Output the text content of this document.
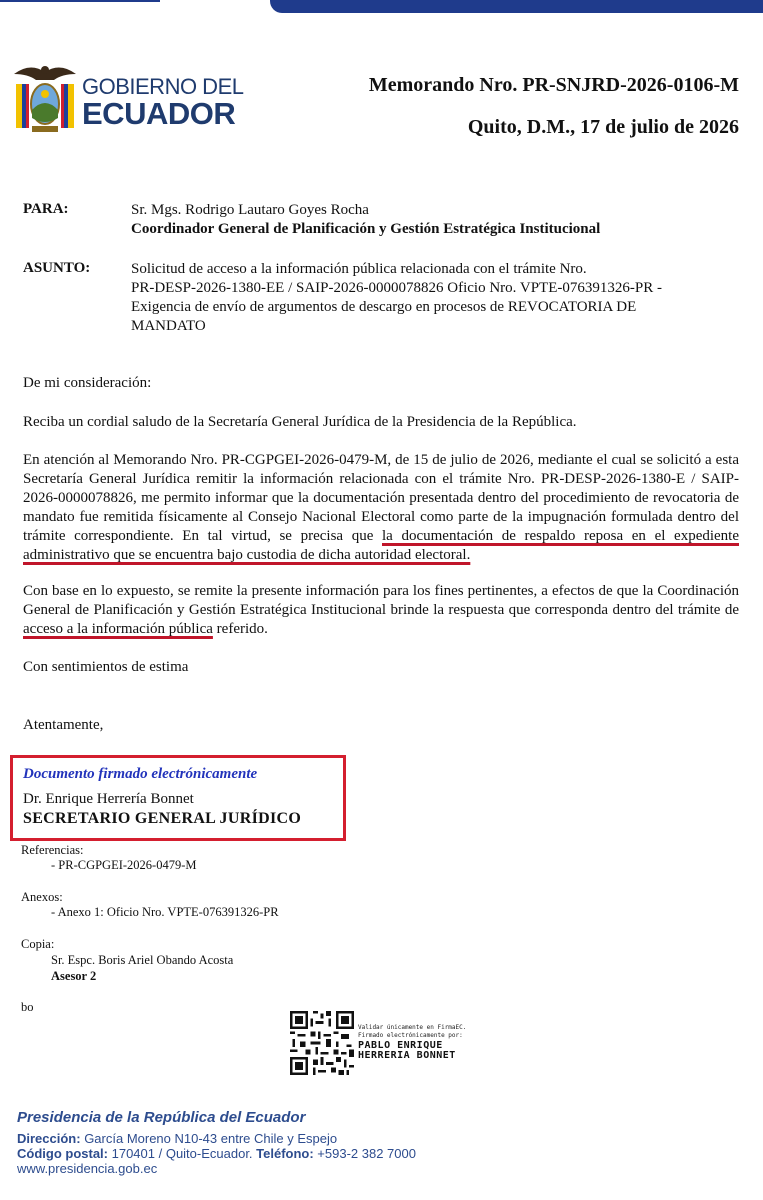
GOBIERNO DEL
ECUADOR
Memorando Nro. PR-SNJRD-2026-0106-M
Quito, D.M., 17 de julio de 2026
PARA:	Sr. Mgs. Rodrigo Lautaro Goyes Rocha
Coordinador General de Planificación y Gestión Estratégica Institucional
ASUNTO:	Solicitud de acceso a la información pública relacionada con el trámite Nro.
PR-DESP-2026-1380-EE / SAIP-2026-0000078826 Oficio Nro. VPTE-076391326-PR -
Exigencia de envío de argumentos de descargo en procesos de REVOCATORIA DE
MANDATO
De mi consideración:
Reciba un cordial saludo de la Secretaría General Jurídica de la Presidencia de la República.
En atención al Memorando Nro. PR-CGPGEI-2026-0479-M, de 15 de julio de 2026, mediante el cual se solicitó a esta Secretaría General Jurídica remitir la información relacionada con el trámite Nro. PR-DESP-2026-1380-E / SAIP-2026-0000078826, me permito informar que la documentación presentada dentro del procedimiento de revocatoria de mandato fue remitida físicamente al Consejo Nacional Electoral como parte de la impugnación formulada dentro del trámite correspondiente. En tal virtud, se precisa que la documentación de respaldo reposa en el expediente administrativo que se encuentra bajo custodia de dicha autoridad electoral.
Con base en lo expuesto, se remite la presente información para los fines pertinentes, a efectos de que la Coordinación General de Planificación y Gestión Estratégica Institucional brinde la respuesta que corresponda dentro del trámite de acceso a la información pública referido.
Con sentimientos de estima
Atentamente,
Documento firmado electrónicamente
Dr. Enrique Herrería Bonnet
SECRETARIO GENERAL JURÍDICO
Referencias:
- PR-CGPGEI-2026-0479-M
Anexos:
- Anexo 1: Oficio Nro. VPTE-076391326-PR
Copia:
Sr. Espc. Boris Ariel Obando Acosta
Asesor 2
bo
Validar únicamente en FirmaEC.
Firmado electrónicamente por:
PABLO ENRIQUE
HERRERIA BONNET
Presidencia de la República del Ecuador
Dirección: García Moreno N10-43 entre Chile y Espejo
Código postal: 170401 / Quito-Ecuador. Teléfono: +593-2 382 7000
www.presidencia.gob.ec
